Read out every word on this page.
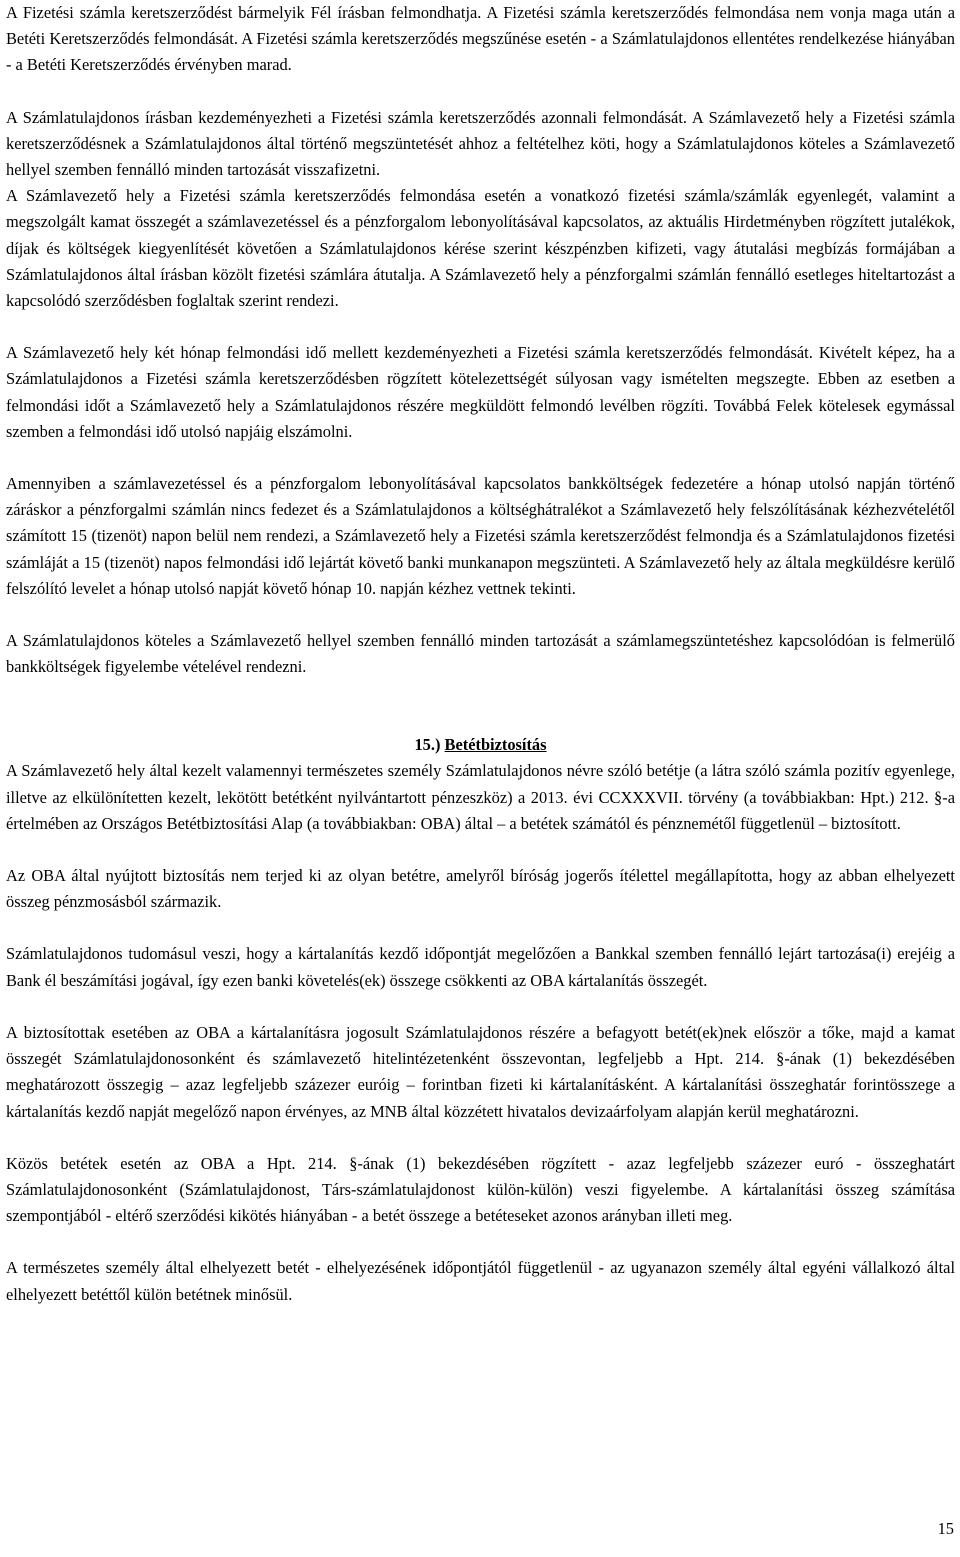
A Fizetési számla keretszerződést bármelyik Fél írásban felmondhatja. A Fizetési számla keretszerződés felmondása nem vonja maga után a Betéti Keretszerződés felmondását. A Fizetési számla keretszerződés megszűnése esetén - a Számlatulajdonos ellentétes rendelkezése hiányában - a Betéti Keretszerződés érvényben marad.

A Számlatulajdonos írásban kezdeményezheti a Fizetési számla keretszerződés azonnali felmondását. A Számlavezető hely a Fizetési számla keretszerződésnek a Számlatulajdonos által történő megszüntetését ahhoz a feltételhez köti, hogy a Számlatulajdonos köteles a Számlavezető hellyel szemben fennálló minden tartozását visszafizetni.

A Számlavezető hely a Fizetési számla keretszerződés felmondása esetén a vonatkozó fizetési számla/számlák egyenlegét, valamint a megszolgált kamat összegét a számlavezetéssel és a pénzforgalom lebonyolításával kapcsolatos, az aktuális Hirdetményben rögzített jutalékok, díjak és költségek kiegyenlítését követően a Számlatulajdonos kérése szerint készpénzben kifizeti, vagy átutalási megbízás formájában a Számlatulajdonos által írásban közölt fizetési számlára átutalja. A Számlavezető hely a pénzforgalmi számlán fennálló esetleges hiteltartozást a kapcsolódó szerződésben foglaltak szerint rendezi.

A Számlavezető hely két hónap felmondási idő mellett kezdeményezheti a Fizetési számla keretszerződés felmondását. Kivételt képez, ha a Számlatulajdonos a Fizetési számla keretszerződésben rögzített kötelezettségét súlyosan vagy ismételten megszegte. Ebben az esetben a felmondási időt a Számlavezető hely a Számlatulajdonos részére megküldött felmondó levélben rögzíti. Továbbá Felek kötelesek egymással szemben a felmondási idő utolsó napjáig elszámolni.

Amennyiben a számlavezetéssel és a pénzforgalom lebonyolításával kapcsolatos bankköltségek fedezetére a hónap utolsó napján történő záráskor a pénzforgalmi számlán nincs fedezet és a Számlatulajdonos a költséghátralékot a Számlavezető hely felszólításának kézhezvételétől számított 15 (tizenöt) napon belül nem rendezi, a Számlavezető hely a Fizetési számla keretszerződést felmondja és a Számlatulajdonos fizetési számláját a 15 (tizenöt) napos felmondási idő lejártát követő banki munkanapon megszünteti. A Számlavezető hely az általa megküldésre kerülő felszólító levelet a hónap utolsó napját követő hónap 10. napján kézhez vettnek tekinti.

A Számlatulajdonos köteles a Számlavezető hellyel szemben fennálló minden tartozását a számlamegszüntetéshez kapcsolódóan is felmerülő bankköltségek figyelembe vételével rendezni.

15.) Betétbiztosítás

A Számlavezető hely által kezelt valamennyi természetes személy Számlatulajdonos névre szóló betétje (a látra szóló számla pozitív egyenlege, illetve az elkülönítetten kezelt, lekötött betétként nyilvántartott pénzeszköz) a 2013. évi CCXXXVII. törvény (a továbbiakban: Hpt.) 212. §-a értelmében az Országos Betétbiztosítási Alap (a továbbiakban: OBA) által – a betétek számától és pénznemétől függetlenül – biztosított.

Az OBA által nyújtott biztosítás nem terjed ki az olyan betétre, amelyről bíróság jogerős ítélettel megállapította, hogy az abban elhelyezett összeg pénzmosásból származik.

Számlatulajdonos tudomásul veszi, hogy a kártalanítás kezdő időpontját megelőzően a Bankkal szemben fennálló lejárt tartozása(i) erejéig a Bank él beszámítási jogával, így ezen banki követelés(ek) összege csökkenti az OBA kártalanítás összegét.

A biztosítottak esetében az OBA a kártalanításra jogosult Számlatulajdonos részére a befagyott betét(ek)nek először a tőke, majd a kamat összegét Számlatulajdonosonként és számlavezető hitelintézetenként összevontan, legfeljebb a Hpt. 214. §-ának (1) bekezdésében meghatározott összegig – azaz legfeljebb százezer euróig – forintban fizeti ki kártalanításként. A kártalanítási összeghatár forintösszege a kártalanítás kezdő napját megelőző napon érvényes, az MNB által közzétett hivatalos devizaárfolyam alapján kerül meghatározni.

Közös betétek esetén az OBA a Hpt. 214. §-ának (1) bekezdésében rögzített - azaz legfeljebb százezer euró - összeghatárt Számlatulajdonosonként (Számlatulajdonost, Társ-számlatulajdonost külön-külön) veszi figyelembe. A kártalanítási összeg számítása szempontjából - eltérő szerződési kikötés hiányában - a betét összege a betéteseket azonos arányban illeti meg.

A természetes személy által elhelyezett betét - elhelyezésének időpontjától függetlenül - az ugyanazon személy által egyéni vállalkozó által elhelyezett betéttől külön betétnek minősül.

15
